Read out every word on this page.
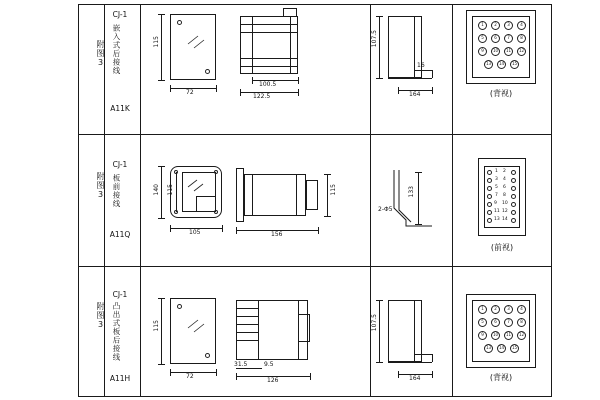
附图3
CJ-1
嵌入式后接线
A11K
115
72
100.5
122.5
107.5
16
164
1	2	3	4
5	6	7	8
9	10	11	12
13	14	15
(背视)
附图3
CJ-1
板前接线
A11Q
140 115
105
115
156
133
2-Φ5
1 2
3 4
5 6
7 8
9 10
11 12
13 14
(前视)
附图3
CJ-1
凸出式板后接线
A11H
115
72
31.5	9.5
126
107.5
164
1	2	3	4
5	6	7	8
9	10	11	12
13	14	15
(背视)
